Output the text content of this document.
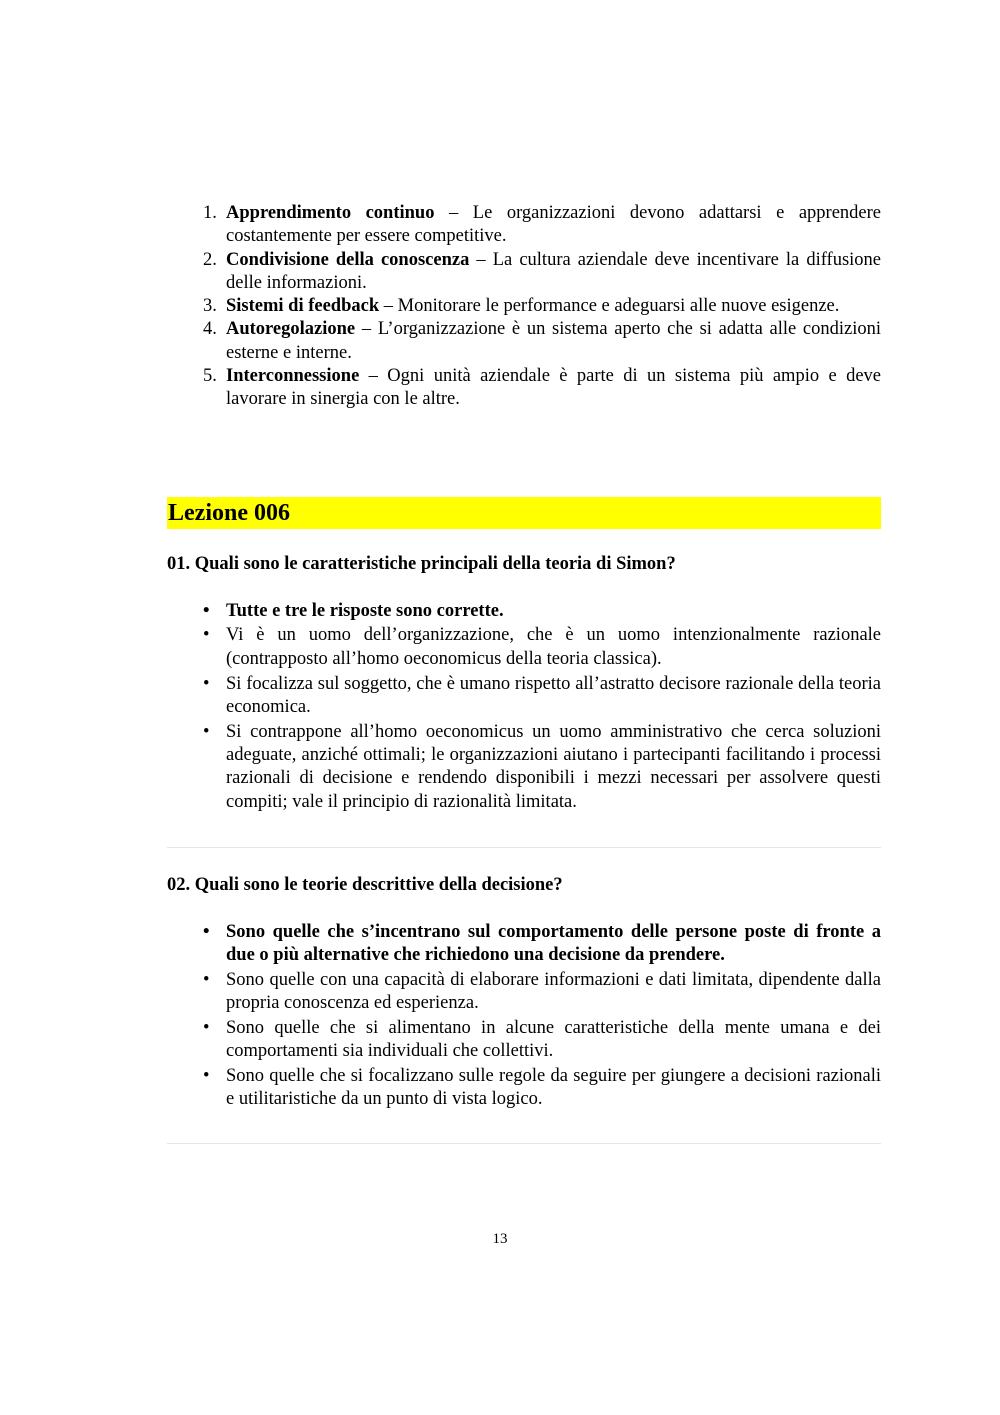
1. Apprendimento continuo – Le organizzazioni devono adattarsi e apprendere costantemente per essere competitive.
2. Condivisione della conoscenza – La cultura aziendale deve incentivare la diffusione delle informazioni.
3. Sistemi di feedback – Monitorare le performance e adeguarsi alle nuove esigenze.
4. Autoregolazione – L’organizzazione è un sistema aperto che si adatta alle condizioni esterne e interne.
5. Interconnessione – Ogni unità aziendale è parte di un sistema più ampio e deve lavorare in sinergia con le altre.
Lezione 006
01. Quali sono le caratteristiche principali della teoria di Simon?
• Tutte e tre le risposte sono corrette.
• Vi è un uomo dell’organizzazione, che è un uomo intenzionalmente razionale (contrapposto all’homo oeconomicus della teoria classica).
• Si focalizza sul soggetto, che è umano rispetto all’astratto decisore razionale della teoria economica.
• Si contrappone all’homo oeconomicus un uomo amministrativo che cerca soluzioni adeguate, anziché ottimali; le organizzazioni aiutano i partecipanti facilitando i processi razionali di decisione e rendendo disponibili i mezzi necessari per assolvere questi compiti; vale il principio di razionalità limitata.
02. Quali sono le teorie descrittive della decisione?
• Sono quelle che s’incentrano sul comportamento delle persone poste di fronte a due o più alternative che richiedono una decisione da prendere.
• Sono quelle con una capacità di elaborare informazioni e dati limitata, dipendente dalla propria conoscenza ed esperienza.
• Sono quelle che si alimentano in alcune caratteristiche della mente umana e dei comportamenti sia individuali che collettivi.
• Sono quelle che si focalizzano sulle regole da seguire per giungere a decisioni razionali e utilitaristiche da un punto di vista logico.
13
